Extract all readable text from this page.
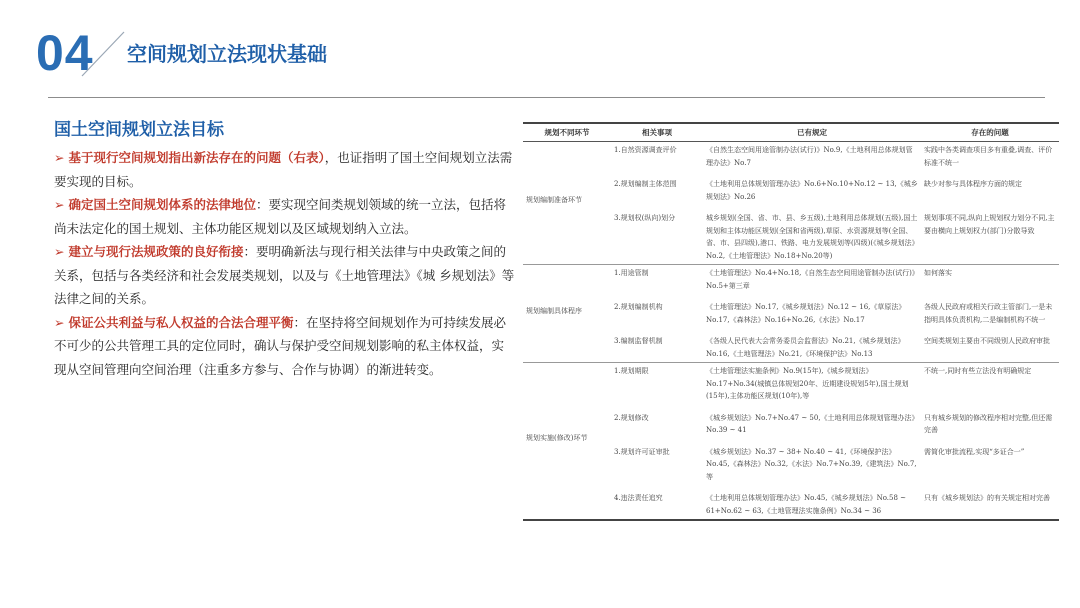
04 空间规划立法现状基础
国土空间规划立法目标
➢ 基于现行空间规划指出新法存在的问题（右表），也证指明了国土空间规划立法需要实现的目标。
➢ 确定国土空间规划体系的法律地位：要实现空间类规划领域的统一立法，包括将尚未法定化的国土规划、主体功能区规划以及区域规划纳入立法。
➢ 建立与现行法规政策的良好衔接：要明确新法与现行相关法律与中央政策之间的关系，包括与各类经济和社会发展类规划，以及与《土地管理法》《城 乡规划法》等法律之间的关系。
➢ 保证公共利益与私人权益的合法合理平衡：在坚持将空间规划作为可持续发展必不可少的公共管理工具的定位同时，确认与保护受空间规划影响的私主体权益，实现从空间管理向空间治理（注重多方参与、合作与协调）的渐进转变。
规划不同环节	相关事项	已有规定	存在的问题
规划编制准备环节	1.自然资源调查评价	《自然生态空间用途管制办法(试行)》No.9,《土地利用总体规划管理办法》No.7	实践中各类调查项目多有重叠,调查、评价标准不统一
	2.规划编制主体范围	《土地利用总体规划管理办法》No.6+No.10+No.12 ~ 13,《城乡规划法》No.26	缺少对参与具体程序方面的规定
	3.规划权(纵向)划分	城乡规划(全国、省、市、县、乡五级),土地利用总体规划(五级),国土规划和主体功能区规划(全国和省两级),草原、水资源规划等(全国、省、市、县四级),港口、铁路、电力发展规划等(四级)(《城乡规划法》No.2,《土地管理法》No.18+No.20等)	规划事项不同,纵向上规划权力划分不同,主要由横向上规划权力(部门)分散导致
规划编制具体程序	1.用途管制	《土地管理法》No.4+No.18,《自然生态空间用途管制办法(试行)》No.5+第三章	如何落实
	2.规划编制机构	《土地管理法》No.17,《城乡规划法》No.12 ~ 16,《草原法》No.17,《森林法》No.16+No.26,《水法》No.17	各级人民政府或相关行政主管部门,一是未指明具体负责机构,二是编制机构不统一
	3.编制监督机制	《各级人民代表大会常务委员会监督法》No.21,《城乡规划法》No.16,《土地管理法》No.21,《环境保护法》No.13	空间类规划主要由不同级别人民政府审批
规划实施(修改)环节	1.规划期限	《土地管理法实施条例》No.9(15年),《城乡规划法》No.17+No.34(城镇总体规划20年、近期建设规划5年),国土规划(15年),主体功能区规划(10年),等	不统一,同时有些立法没有明确规定
	2.规划修改	《城乡规划法》No.7+No.47 ~ 50,《土地利用总体规划管理办法》No.39 ~ 41	只有城乡规划的修改程序相对完整,但还需完善
	3.规划许可证审批	《城乡规划法》No.37 ~ 38+ No.40 ~ 41,《环境保护法》No.45,《森林法》No.32,《水法》No.7+No.39,《建筑法》No.7,等	需简化审批流程,实现“多证合一”
	4.违法责任追究	《土地利用总体规划管理办法》No.45,《城乡规划法》No.58 ~ 61+No.62 ~ 63,《土地管理法实施条例》No.34 ~ 36	只有《城乡规划法》的有关规定相对完善
